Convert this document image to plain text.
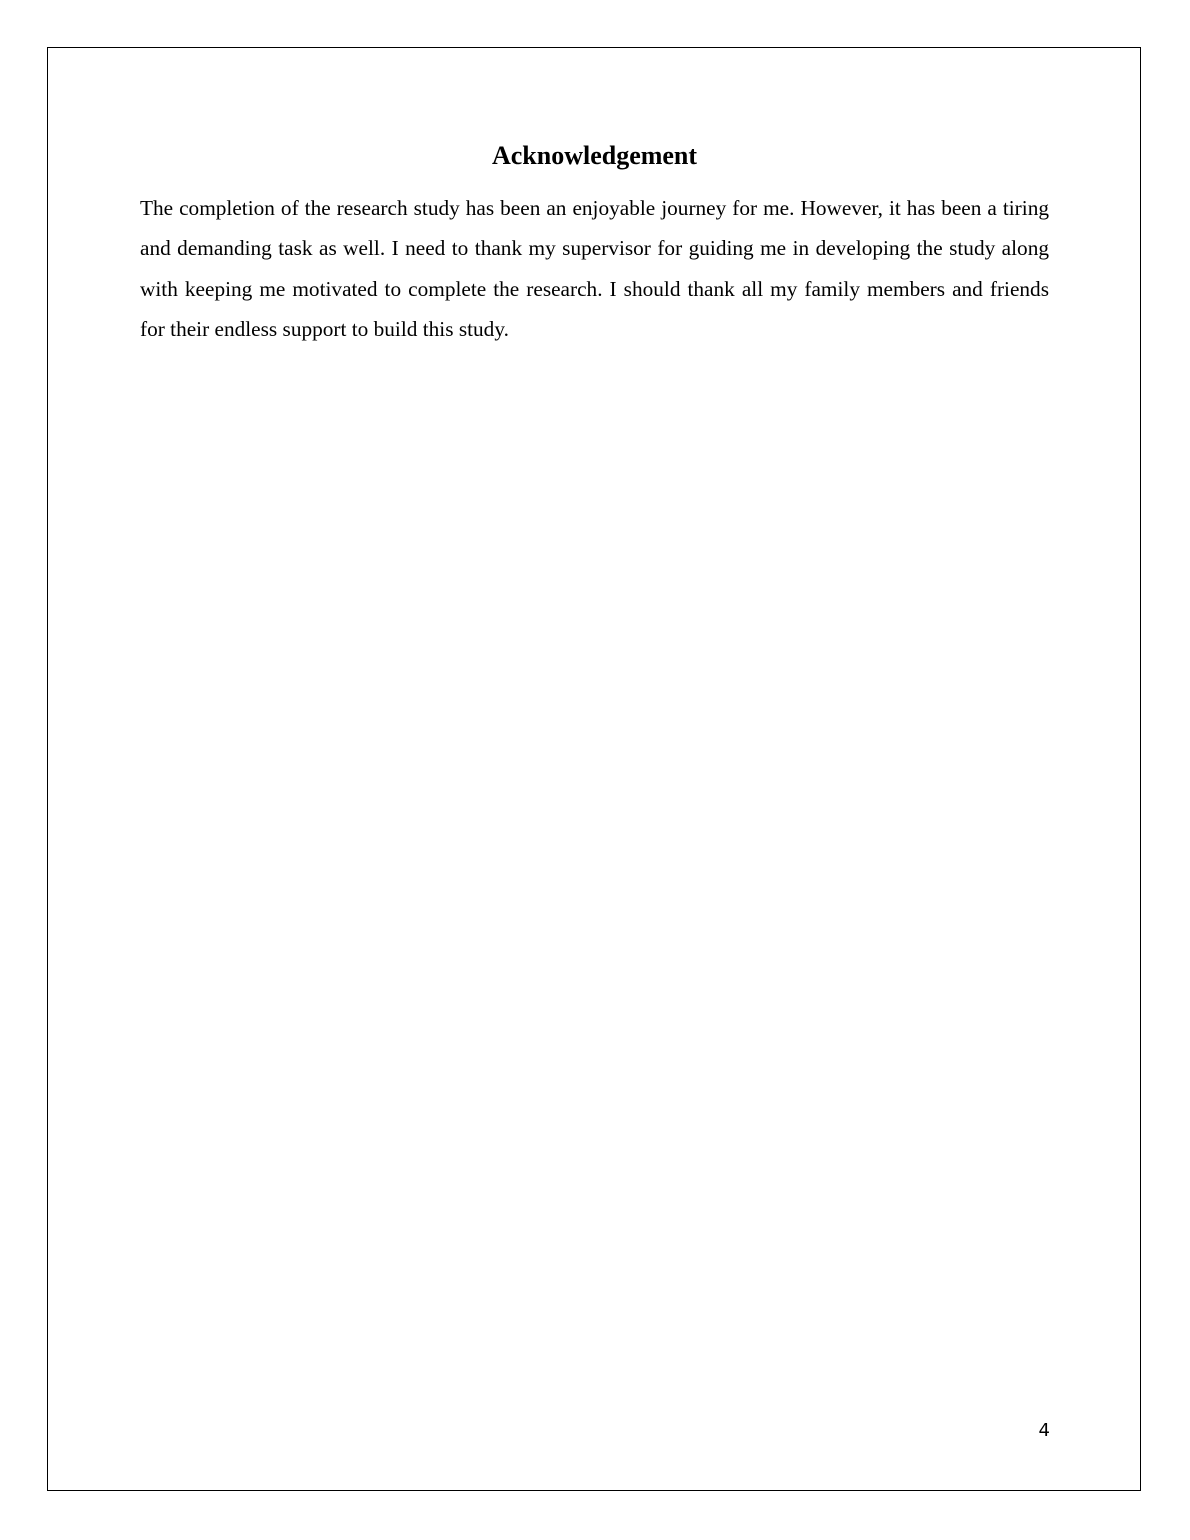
Acknowledgement

The completion of the research study has been an enjoyable journey for me. However, it has been a tiring and demanding task as well. I need to thank my supervisor for guiding me in developing the study along with keeping me motivated to complete the research. I should thank all my family members and friends for their endless support to build this study.

4
